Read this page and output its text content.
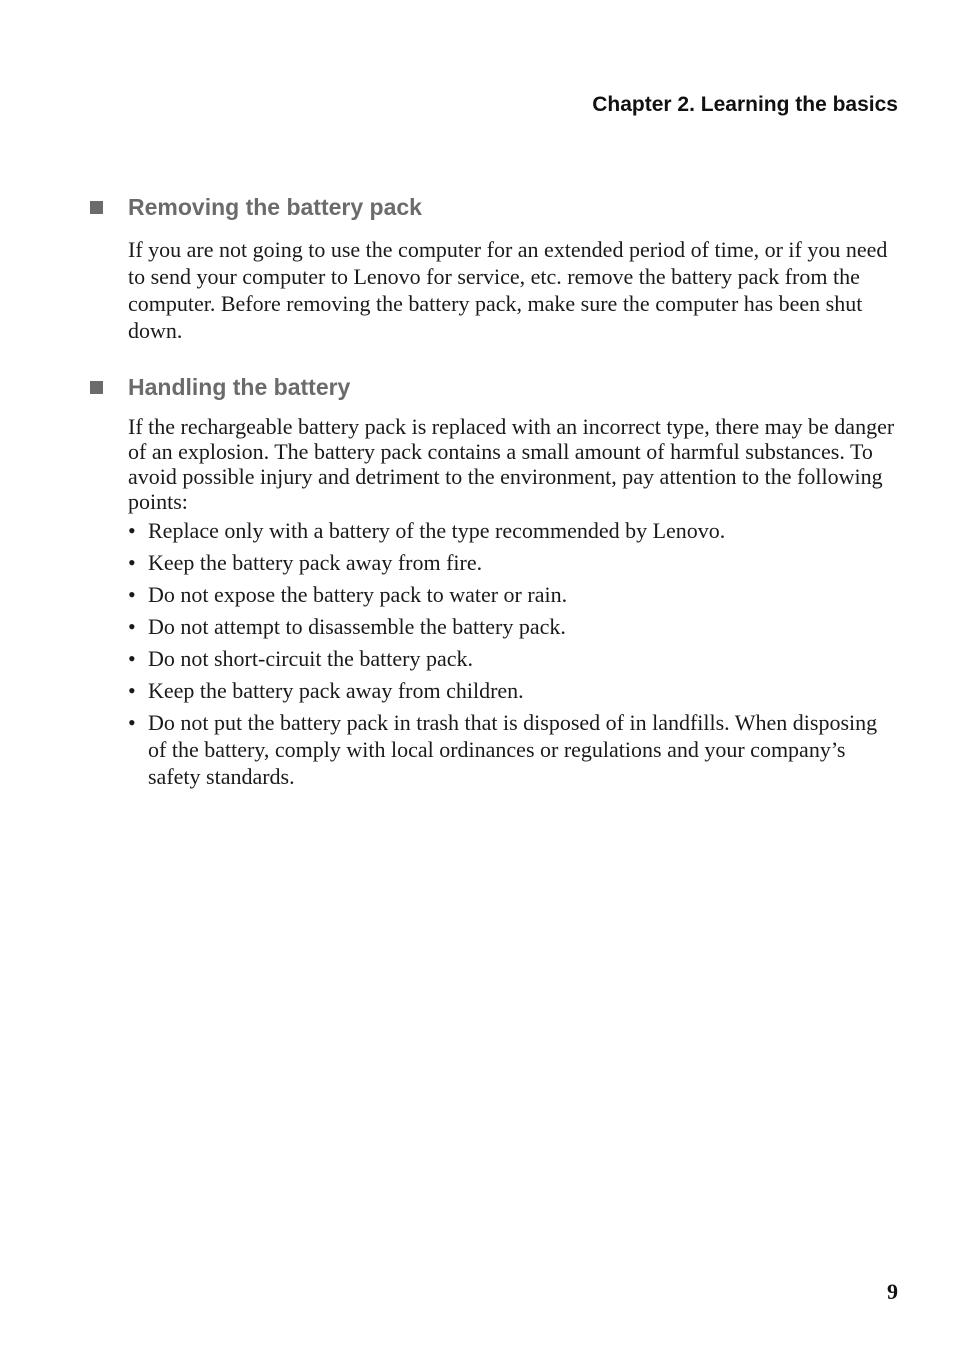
Chapter 2. Learning the basics
Removing the battery pack
If you are not going to use the computer for an extended period of time, or if you need to send your computer to Lenovo for service, etc. remove the battery pack from the computer. Before removing the battery pack, make sure the computer has been shut down.
Handling the battery
If the rechargeable battery pack is replaced with an incorrect type, there may be danger of an explosion. The battery pack contains a small amount of harmful substances. To avoid possible injury and detriment to the environment, pay attention to the following points:
• Replace only with a battery of the type recommended by Lenovo.
• Keep the battery pack away from fire.
• Do not expose the battery pack to water or rain.
• Do not attempt to disassemble the battery pack.
• Do not short-circuit the battery pack.
• Keep the battery pack away from children.
• Do not put the battery pack in trash that is disposed of in landfills. When disposing of the battery, comply with local ordinances or regulations and your company’s safety standards.
9
